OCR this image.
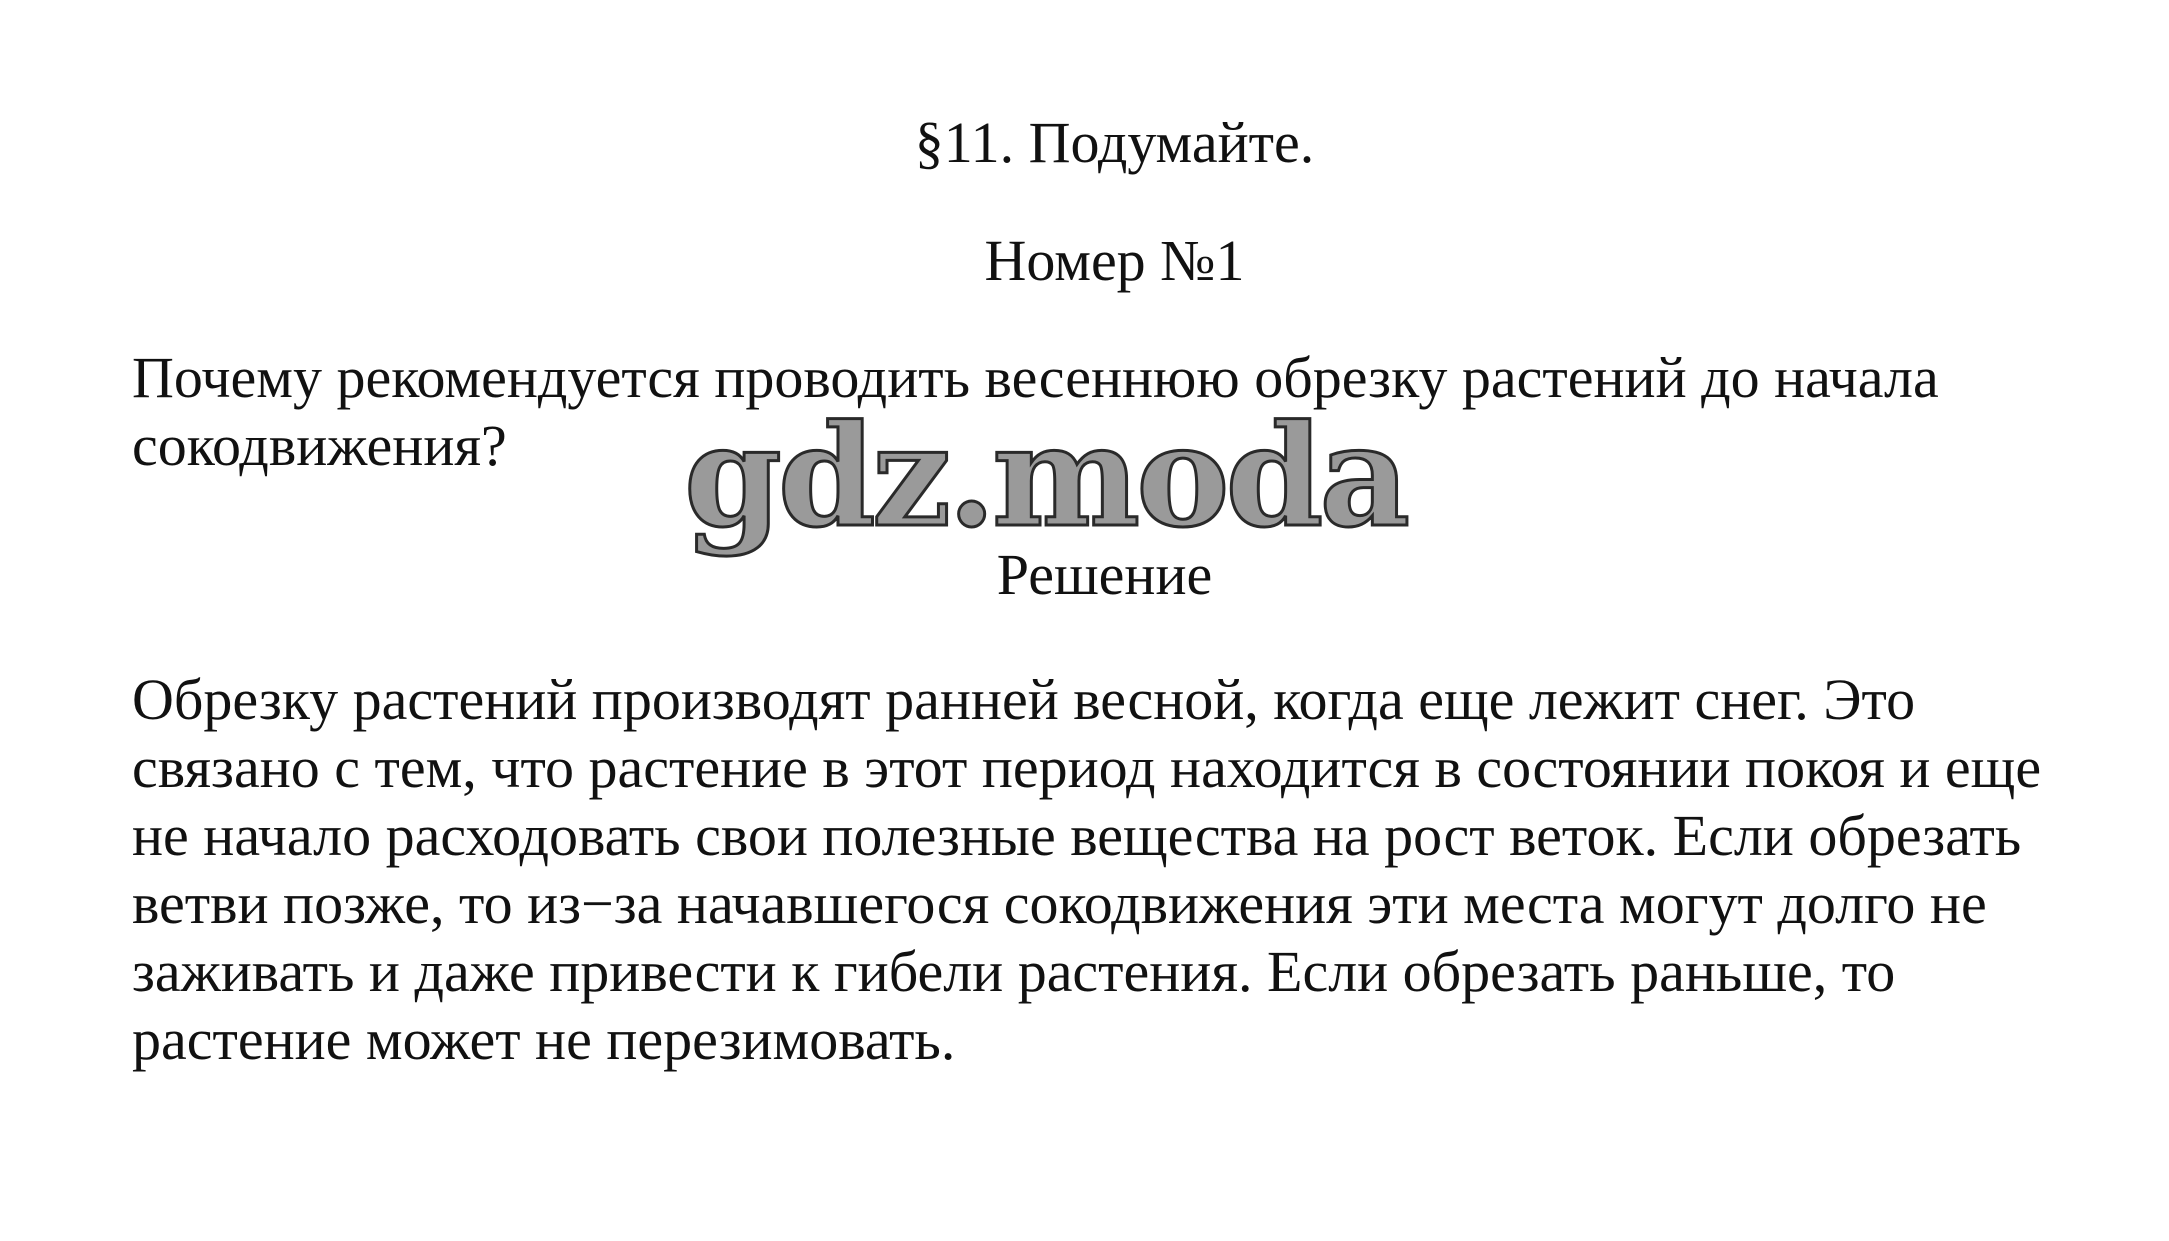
§11. Подумайте.
Номер №1

Почему рекомендуется проводить весеннюю обрезку растений до начала сокодвижения?	gdz.moda
Решение

Обрезку растений производят ранней весной, когда еще лежит снег. Это связано с тем, что растение в этот период находится в состоянии покоя и еще не начало расходовать свои полезные вещества на рост веток. Если обрезать ветви позже, то из−за начавшегося сокодвижения эти места могут долго не заживать и даже привести к гибели растения. Если обрезать раньше, то растение может не перезимовать.
